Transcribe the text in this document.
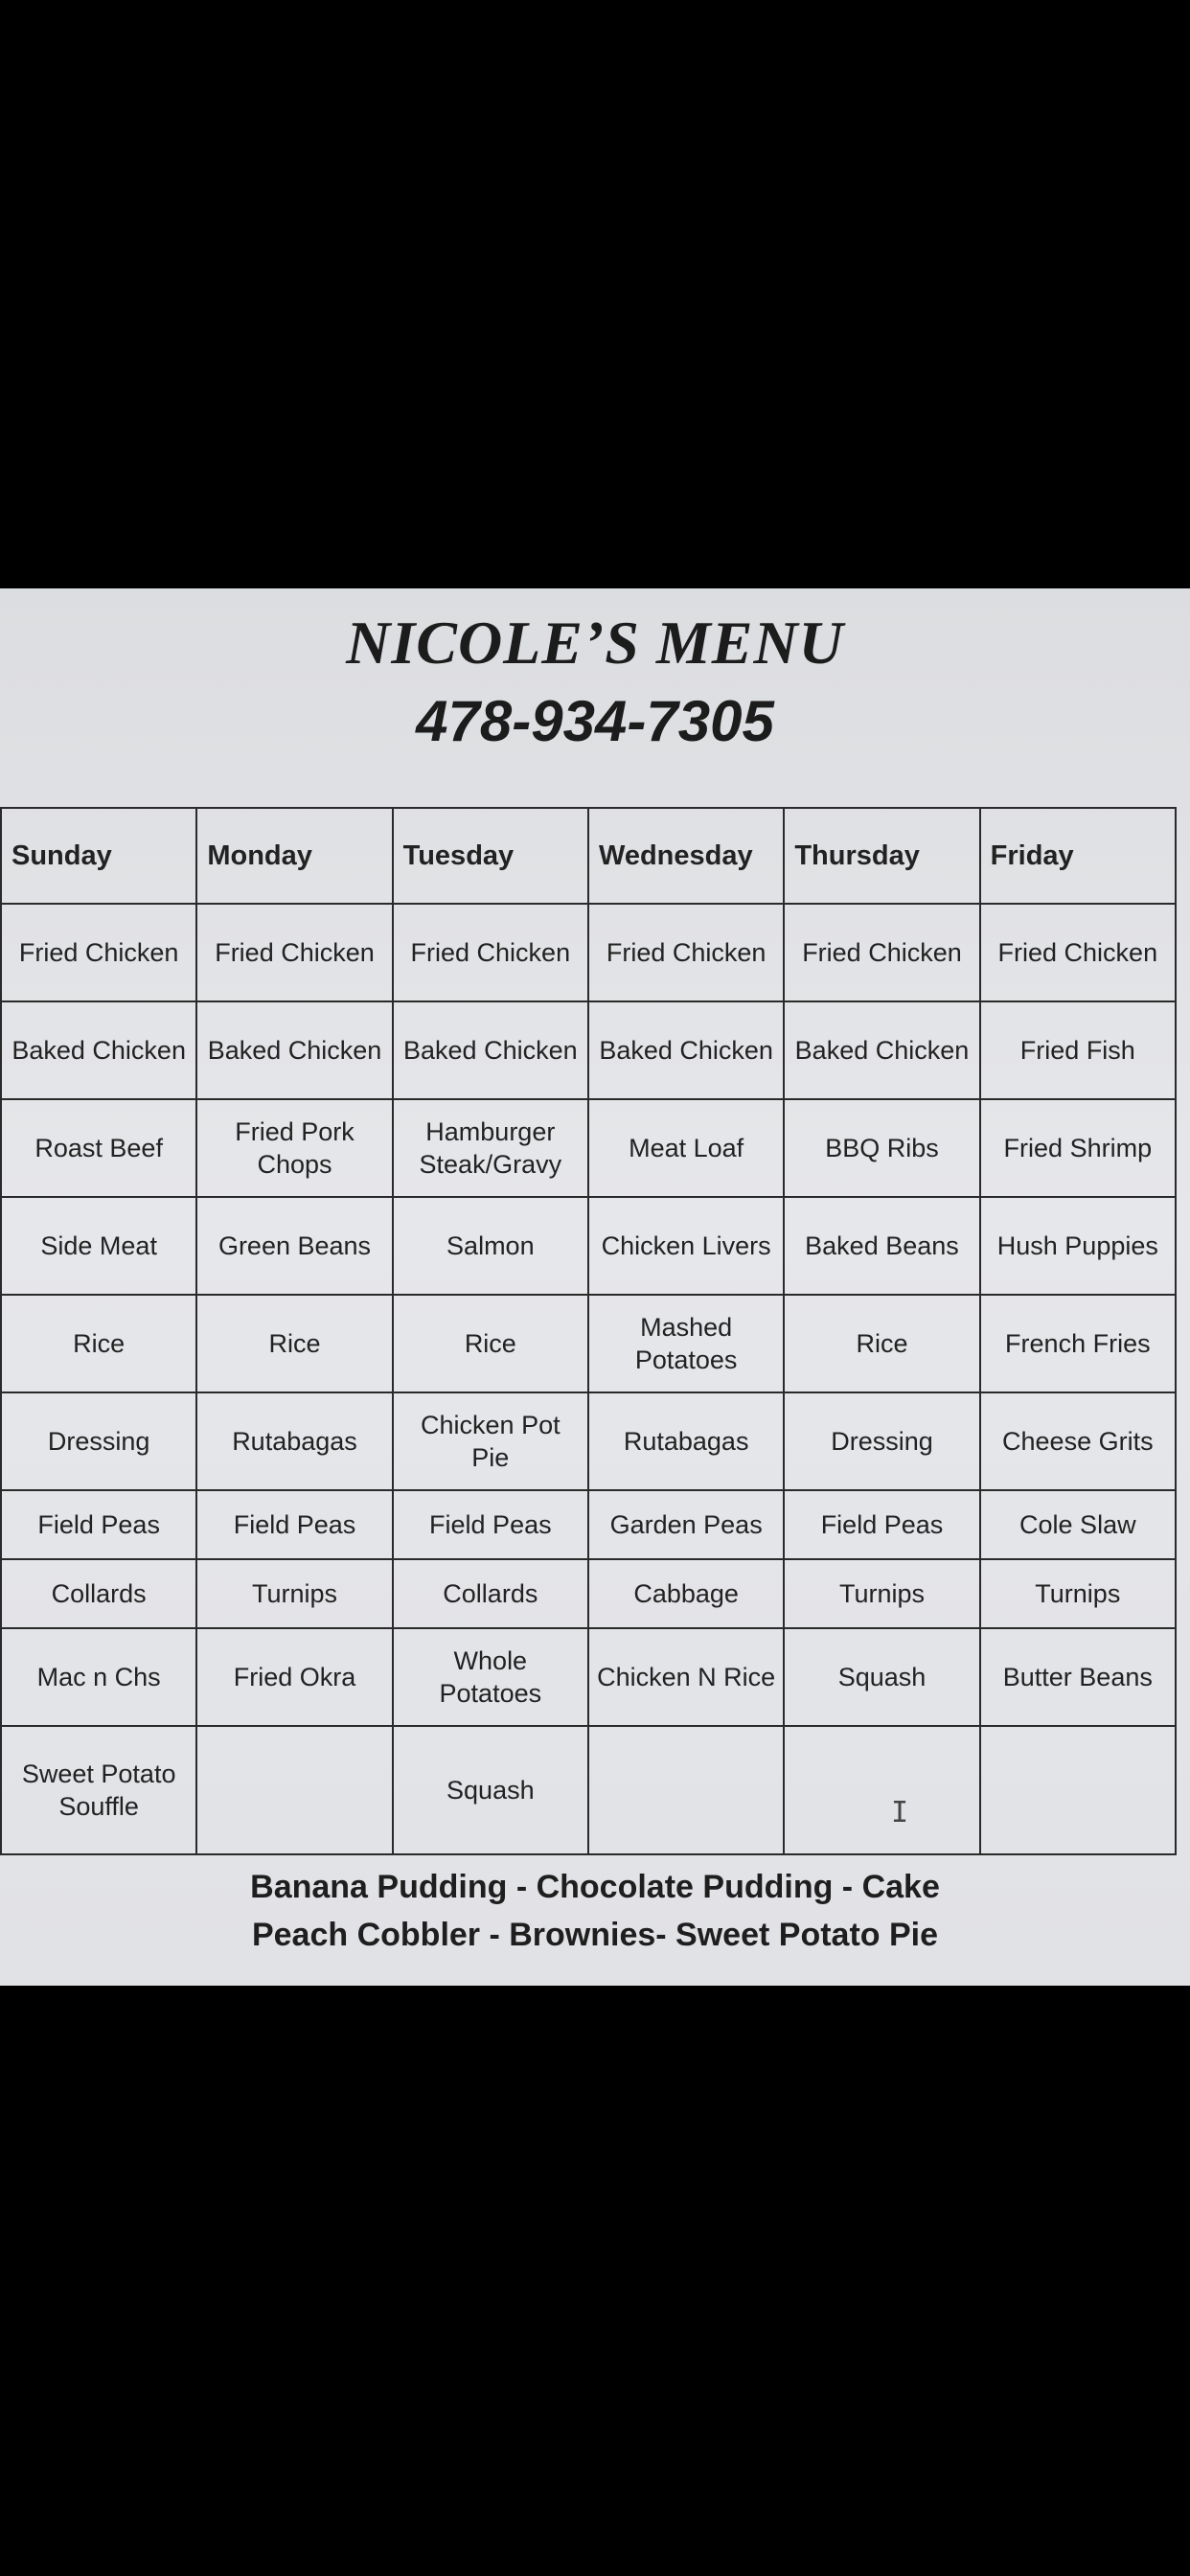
NICOLE’S MENU
478-934-7305
Sunday	Monday	Tuesday	Wednesday	Thursday	Friday
Fried Chicken	Fried Chicken	Fried Chicken	Fried Chicken	Fried Chicken	Fried Chicken
Baked Chicken	Baked Chicken	Baked Chicken	Baked Chicken	Baked Chicken	Fried Fish
Roast Beef	Fried Pork Chops	Hamburger Steak/Gravy	Meat Loaf	BBQ Ribs	Fried Shrimp
Side Meat	Green Beans	Salmon	Chicken Livers	Baked Beans	Hush Puppies
Rice	Rice	Rice	Mashed Potatoes	Rice	French Fries
Dressing	Rutabagas	Chicken Pot Pie	Rutabagas	Dressing	Cheese Grits
Field Peas	Field Peas	Field Peas	Garden Peas	Field Peas	Cole Slaw
Collards	Turnips	Collards	Cabbage	Turnips	Turnips
Mac n Chs	Fried Okra	Whole Potatoes	Chicken N Rice	Squash	Butter Beans
Sweet Potato Souffle		Squash			
I
Banana Pudding - Chocolate Pudding - Cake
Peach Cobbler - Brownies- Sweet Potato Pie
